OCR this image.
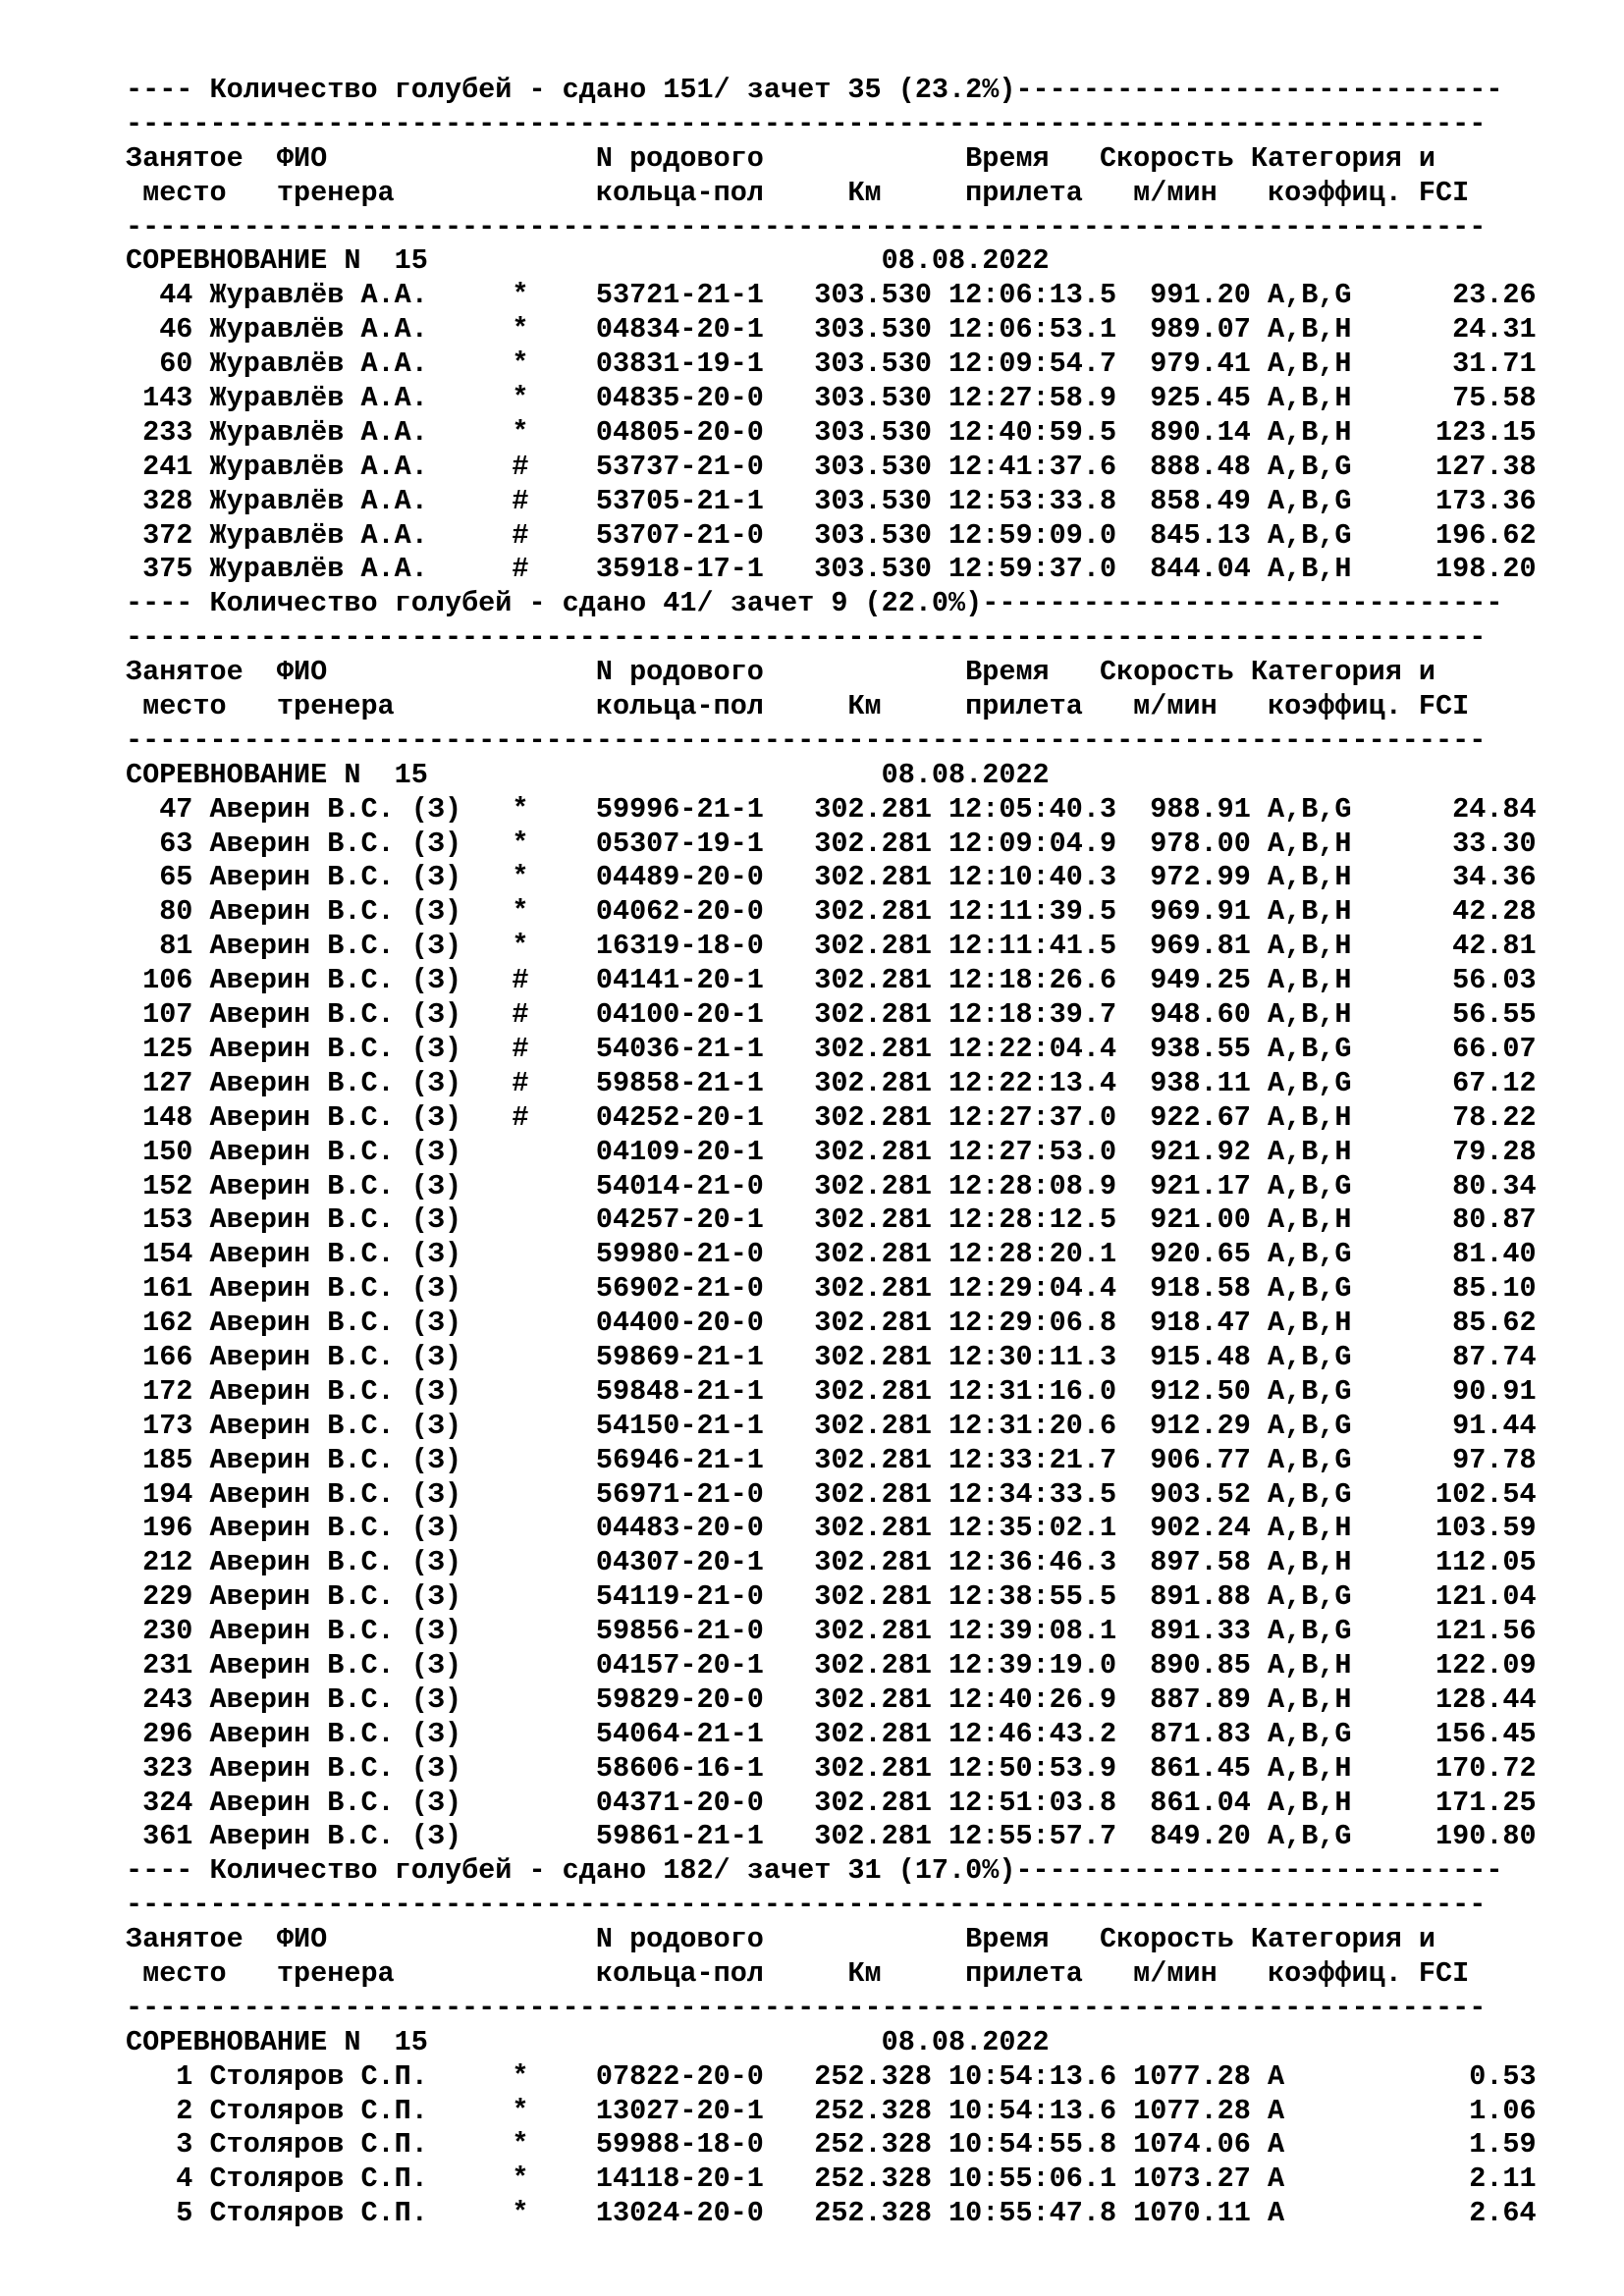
---- Количество голубей - сдано 151/ зачет 35 (23.2%)-----------------------------
---------------------------------------------------------------------------------
Занятое  ФИО                N родового            Время   Скорость Категория и
место   тренера            кольца-пол     Км     прилета   м/мин   коэффиц. FCI
---------------------------------------------------------------------------------
СОРЕВНОВАНИЕ N  15                           08.08.2022
44 Журавлёв А.А.     *    53721-21-1   303.530 12:06:13.5  991.20 A,B,G      23.26
46 Журавлёв А.А.     *    04834-20-1   303.530 12:06:53.1  989.07 A,B,H      24.31
60 Журавлёв А.А.     *    03831-19-1   303.530 12:09:54.7  979.41 A,B,H      31.71
143 Журавлёв А.А.     *    04835-20-0   303.530 12:27:58.9  925.45 A,B,H      75.58
233 Журавлёв А.А.     *    04805-20-0   303.530 12:40:59.5  890.14 A,B,H     123.15
241 Журавлёв А.А.     #    53737-21-0   303.530 12:41:37.6  888.48 A,B,G     127.38
328 Журавлёв А.А.     #    53705-21-1   303.530 12:53:33.8  858.49 A,B,G     173.36
372 Журавлёв А.А.     #    53707-21-0   303.530 12:59:09.0  845.13 A,B,G     196.62
375 Журавлёв А.А.     #    35918-17-1   303.530 12:59:37.0  844.04 A,B,H     198.20
---- Количество голубей - сдано 41/ зачет 9 (22.0%)-------------------------------
---------------------------------------------------------------------------------
Занятое  ФИО                N родового            Время   Скорость Категория и
место   тренера            кольца-пол     Км     прилета   м/мин   коэффиц. FCI
---------------------------------------------------------------------------------
СОРЕВНОВАНИЕ N  15                           08.08.2022
47 Аверин В.С. (З)   *    59996-21-1   302.281 12:05:40.3  988.91 A,B,G      24.84
63 Аверин В.С. (З)   *    05307-19-1   302.281 12:09:04.9  978.00 A,B,H      33.30
65 Аверин В.С. (З)   *    04489-20-0   302.281 12:10:40.3  972.99 A,B,H      34.36
80 Аверин В.С. (З)   *    04062-20-0   302.281 12:11:39.5  969.91 A,B,H      42.28
81 Аверин В.С. (З)   *    16319-18-0   302.281 12:11:41.5  969.81 A,B,H      42.81
106 Аверин В.С. (З)   #    04141-20-1   302.281 12:18:26.6  949.25 A,B,H      56.03
107 Аверин В.С. (З)   #    04100-20-1   302.281 12:18:39.7  948.60 A,B,H      56.55
125 Аверин В.С. (З)   #    54036-21-1   302.281 12:22:04.4  938.55 A,B,G      66.07
127 Аверин В.С. (З)   #    59858-21-1   302.281 12:22:13.4  938.11 A,B,G      67.12
148 Аверин В.С. (З)   #    04252-20-1   302.281 12:27:37.0  922.67 A,B,H      78.22
150 Аверин В.С. (З)        04109-20-1   302.281 12:27:53.0  921.92 A,B,H      79.28
152 Аверин В.С. (З)        54014-21-0   302.281 12:28:08.9  921.17 A,B,G      80.34
153 Аверин В.С. (З)        04257-20-1   302.281 12:28:12.5  921.00 A,B,H      80.87
154 Аверин В.С. (З)        59980-21-0   302.281 12:28:20.1  920.65 A,B,G      81.40
161 Аверин В.С. (З)        56902-21-0   302.281 12:29:04.4  918.58 A,B,G      85.10
162 Аверин В.С. (З)        04400-20-0   302.281 12:29:06.8  918.47 A,B,H      85.62
166 Аверин В.С. (З)        59869-21-1   302.281 12:30:11.3  915.48 A,B,G      87.74
172 Аверин В.С. (З)        59848-21-1   302.281 12:31:16.0  912.50 A,B,G      90.91
173 Аверин В.С. (З)        54150-21-1   302.281 12:31:20.6  912.29 A,B,G      91.44
185 Аверин В.С. (З)        56946-21-1   302.281 12:33:21.7  906.77 A,B,G      97.78
194 Аверин В.С. (З)        56971-21-0   302.281 12:34:33.5  903.52 A,B,G     102.54
196 Аверин В.С. (З)        04483-20-0   302.281 12:35:02.1  902.24 A,B,H     103.59
212 Аверин В.С. (З)        04307-20-1   302.281 12:36:46.3  897.58 A,B,H     112.05
229 Аверин В.С. (З)        54119-21-0   302.281 12:38:55.5  891.88 A,B,G     121.04
230 Аверин В.С. (З)        59856-21-0   302.281 12:39:08.1  891.33 A,B,G     121.56
231 Аверин В.С. (З)        04157-20-1   302.281 12:39:19.0  890.85 A,B,H     122.09
243 Аверин В.С. (З)        59829-20-0   302.281 12:40:26.9  887.89 A,B,H     128.44
296 Аверин В.С. (З)        54064-21-1   302.281 12:46:43.2  871.83 A,B,G     156.45
323 Аверин В.С. (З)        58606-16-1   302.281 12:50:53.9  861.45 A,B,H     170.72
324 Аверин В.С. (З)        04371-20-0   302.281 12:51:03.8  861.04 A,B,H     171.25
361 Аверин В.С. (З)        59861-21-1   302.281 12:55:57.7  849.20 A,B,G     190.80
---- Количество голубей - сдано 182/ зачет 31 (17.0%)-----------------------------
---------------------------------------------------------------------------------
Занятое  ФИО                N родового            Время   Скорость Категория и
место   тренера            кольца-пол     Км     прилета   м/мин   коэффиц. FCI
---------------------------------------------------------------------------------
СОРЕВНОВАНИЕ N  15                           08.08.2022
1 Столяров С.П.     *    07822-20-0   252.328 10:54:13.6 1077.28 A           0.53
2 Столяров С.П.     *    13027-20-1   252.328 10:54:13.6 1077.28 A           1.06
3 Столяров С.П.     *    59988-18-0   252.328 10:54:55.8 1074.06 A           1.59
4 Столяров С.П.     *    14118-20-1   252.328 10:55:06.1 1073.27 A           2.11
5 Столяров С.П.     *    13024-20-0   252.328 10:55:47.8 1070.11 A           2.64
